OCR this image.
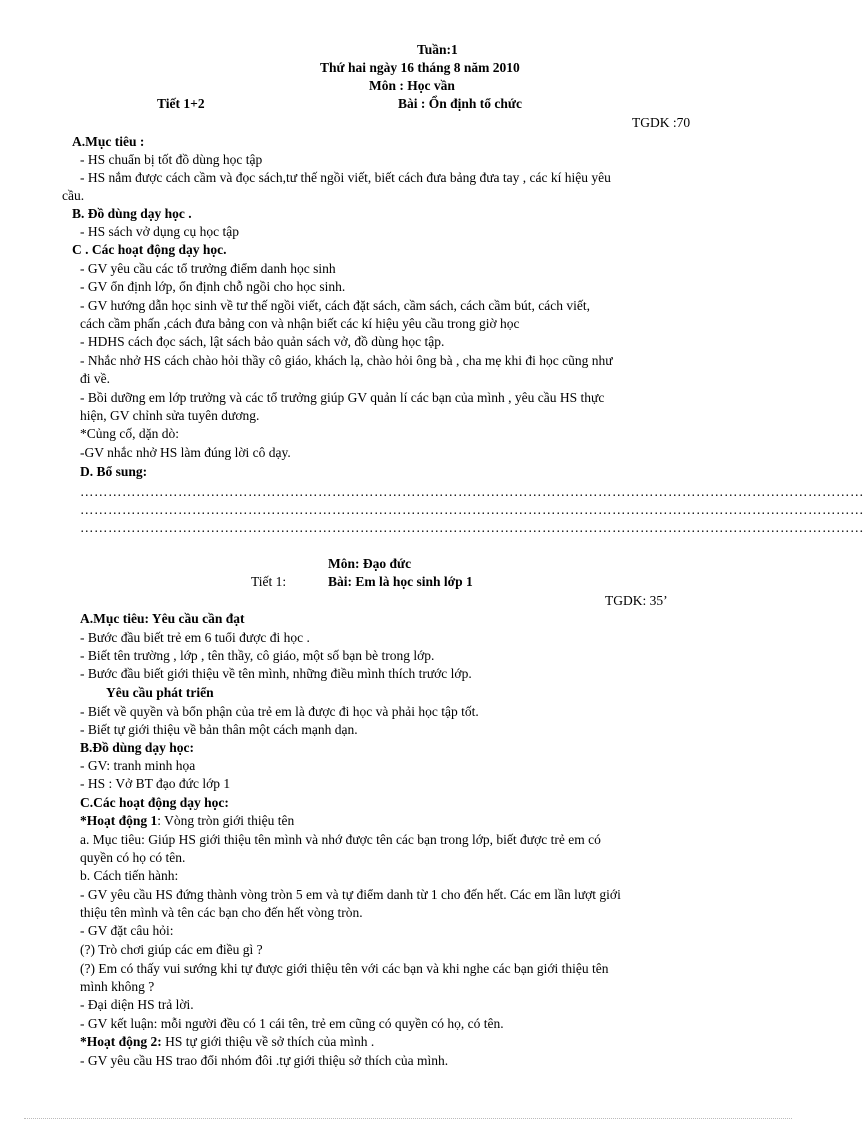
Tuần:1
Thứ hai ngày 16 tháng 8 năm 2010
Môn : Học vần
Tiết 1+2	Bài : Ổn định tổ chức
TGDK :70
A.Mục tiêu :
- HS chuẩn bị tốt đồ dùng học tập
- HS nắm được cách cầm và đọc sách,tư thế ngồi viết, biết cách đưa bảng đưa tay , các kí hiệu yêu
cầu.
B. Đồ dùng dạy học .
- HS sách vở dụng cụ học tập
C . Các hoạt động dạy học.
- GV yêu cầu các tổ trưởng điểm danh học sinh
- GV ổn định lớp, ổn định chỗ ngồi cho học sinh.
- GV hướng dẫn học sinh về tư thế ngồi viết, cách đặt sách, cầm sách, cách cầm bút, cách viết,
cách cầm phấn ,cách đưa bảng con và nhận biết các kí hiệu yêu cầu trong giờ học
- HDHS cách đọc sách, lật sách bảo quản sách vở, đồ dùng học tập.
- Nhắc nhở HS cách chào hỏi thầy cô giáo, khách lạ, chào hỏi ông bà , cha mẹ khi đi học cũng như
đi về.
- Bồi dưỡng em lớp trưởng và các tổ trưởng giúp GV quản lí các bạn của mình , yêu cầu HS thực
hiện, GV chỉnh sửa tuyên dương.
*Củng cố, dặn dò:
-GV nhắc nhở HS làm đúng lời cô dạy.
D. Bổ sung:
……………………………………………………………………………………………………………………………………………………
……………………………………………………………………………………………………………………………………………………
……………………………………………………………………………………………………………………………………………………
Môn: Đạo đức
Tiết 1:	Bài: Em là học sinh lớp 1
TGDK: 35’
A.Mục tiêu: Yêu cầu cần đạt
- Bước đầu biết trẻ em 6 tuổi được đi học .
- Biết tên trường , lớp , tên thầy, cô giáo, một số bạn bè trong lớp.
- Bước đầu biết giới thiệu về tên mình, những điều mình thích trước lớp.
Yêu cầu phát triển
- Biết về quyền và bổn phận của trẻ em là được đi học và phải học tập tốt.
- Biết tự giới thiệu về bản thân một cách mạnh dạn.
B.Đồ dùng dạy học:
- GV: tranh minh họa
- HS : Vở BT đạo đức lớp 1
C.Các hoạt động dạy học:
*Hoạt động 1: Vòng tròn giới thiệu tên
a. Mục tiêu: Giúp HS giới thiệu tên mình và nhớ được tên các bạn trong lớp, biết được trẻ em có
quyền có họ có tên.
b. Cách tiến hành:
- GV yêu cầu HS đứng thành vòng tròn 5 em và tự điểm danh từ 1 cho đến hết. Các em lần lượt giới
thiệu tên mình và tên các bạn cho đến hết vòng tròn.
- GV đặt câu hỏi:
(?) Trò chơi giúp các em điều gì ?
(?) Em có thấy vui sướng khi tự được giới thiệu tên với các bạn và khi nghe các bạn giới thiệu tên
mình không ?
- Đại diện HS trả lời.
- GV kết luận: mỗi người đều có 1 cái tên, trẻ em cũng có quyền có họ, có tên.
*Hoạt động 2: HS tự giới thiệu về sở thích của mình .
- GV yêu cầu HS trao đổi nhóm đôi .tự giới thiệu sở thích của mình.
